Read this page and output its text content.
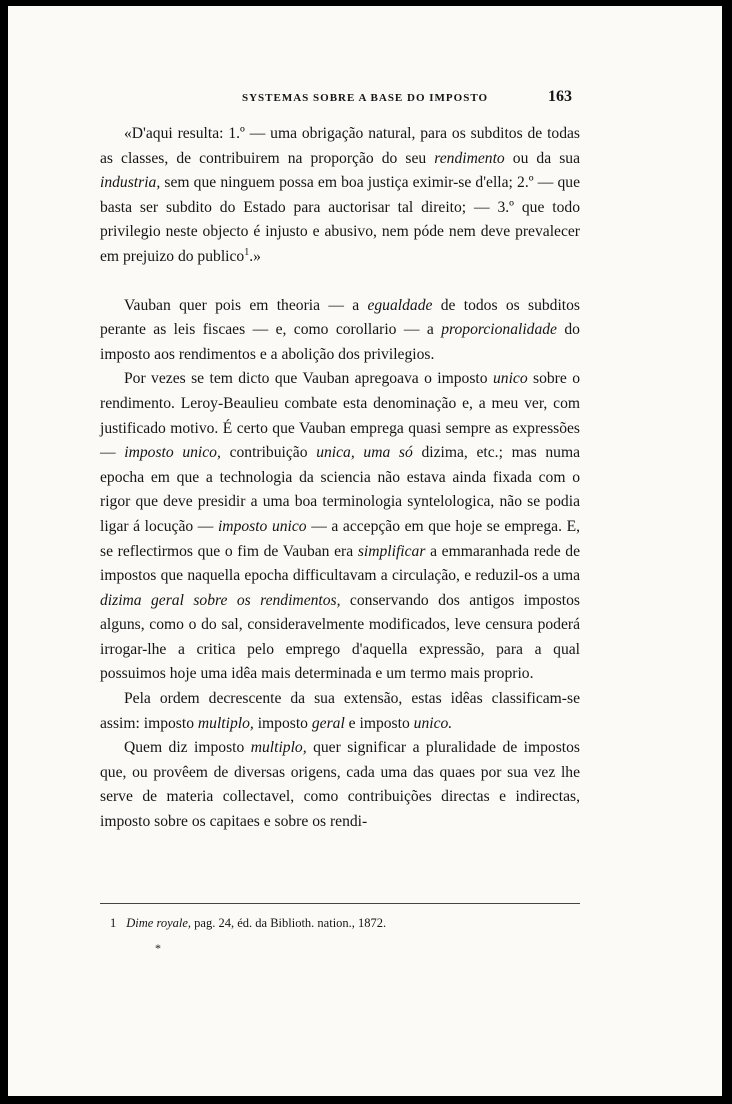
SYSTEMAS SOBRE A BASE DO IMPOSTO	163

«D'aqui resulta: 1.º — uma obrigação natural, para os subditos de todas as classes, de contribuirem na proporção do seu rendimento ou da sua industria, sem que ninguem possa em boa justiça eximir-se d'ella; 2.º — que basta ser subdito do Estado para auctorisar tal direito; — 3.º que todo privilegio neste objecto é injusto e abusivo, nem póde nem deve prevalecer em prejuizo do publico$^1$.»

Vauban quer pois em theoria — a egualdade de todos os subditos perante as leis fiscaes — e, como corollario — a proporcionalidade do imposto aos rendimentos e a abolição dos privilegios.

Por vezes se tem dicto que Vauban apregoava o imposto unico sobre o rendimento. Leroy-Beaulieu combate esta denominação e, a meu ver, com justificado motivo. É certo que Vauban emprega quasi sempre as expressões — imposto unico, contribuição unica, uma só dizima, etc.; mas numa epocha em que a technologia da sciencia não estava ainda fixada com o rigor que deve presidir a uma boa terminologia syntelologica, não se podia ligar á locução — imposto unico — a accepção em que hoje se emprega. E, se reflectirmos que o fim de Vauban era simplificar a emmaranhada rede de impostos que naquella epocha difficultavam a circulação, e reduzil-os a uma dizima geral sobre os rendimentos, conservando dos antigos impostos alguns, como o do sal, consideravelmente modificados, leve censura poderá irrogar-lhe a critica pelo emprego d'aquella expressão, para a qual possuimos hoje uma idêa mais determinada e um termo mais proprio.

Pela ordem decrescente da sua extensão, estas idêas classificam-se assim: imposto multiplo, imposto geral e imposto unico.

Quem diz imposto multiplo, quer significar a pluralidade de impostos que, ou provêem de diversas origens, cada uma das quaes por sua vez lhe serve de materia collectavel, como contribuições directas e indirectas, imposto sobre os capitaes e sobre os rendi-

1 Dime royale, pag. 24, éd. da Biblioth. nation., 1872.
*
